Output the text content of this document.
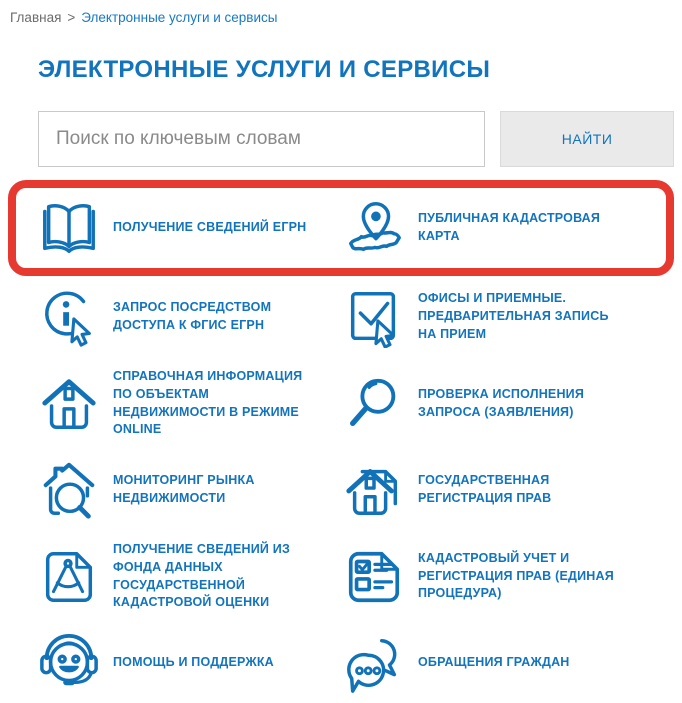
Главная > Электронные услуги и сервисы
ЭЛЕКТРОННЫЕ УСЛУГИ И СЕРВИСЫ
Поиск по ключевым словам
НАЙТИ
ПОЛУЧЕНИЕ СВЕДЕНИЙ ЕГРН
ПУБЛИЧНАЯ КАДАСТРОВАЯ КАРТА
ЗАПРОС ПОСРЕДСТВОМ ДОСТУПА К ФГИС ЕГРН
ОФИСЫ И ПРИЕМНЫЕ. ПРЕДВАРИТЕЛЬНАЯ ЗАПИСЬ НА ПРИЕМ
СПРАВОЧНАЯ ИНФОРМАЦИЯ ПО ОБЪЕКТАМ НЕДВИЖИМОСТИ В РЕЖИМЕ ONLINE
ПРОВЕРКА ИСПОЛНЕНИЯ ЗАПРОСА (ЗАЯВЛЕНИЯ)
МОНИТОРИНГ РЫНКА НЕДВИЖИМОСТИ
ГОСУДАРСТВЕННАЯ РЕГИСТРАЦИЯ ПРАВ
ПОЛУЧЕНИЕ СВЕДЕНИЙ ИЗ ФОНДА ДАННЫХ ГОСУДАРСТВЕННОЙ КАДАСТРОВОЙ ОЦЕНКИ
КАДАСТРОВЫЙ УЧЕТ И РЕГИСТРАЦИЯ ПРАВ (ЕДИНАЯ ПРОЦЕДУРА)
ПОМОЩЬ И ПОДДЕРЖКА	ОБРАЩЕНИЯ ГРАЖДАН
